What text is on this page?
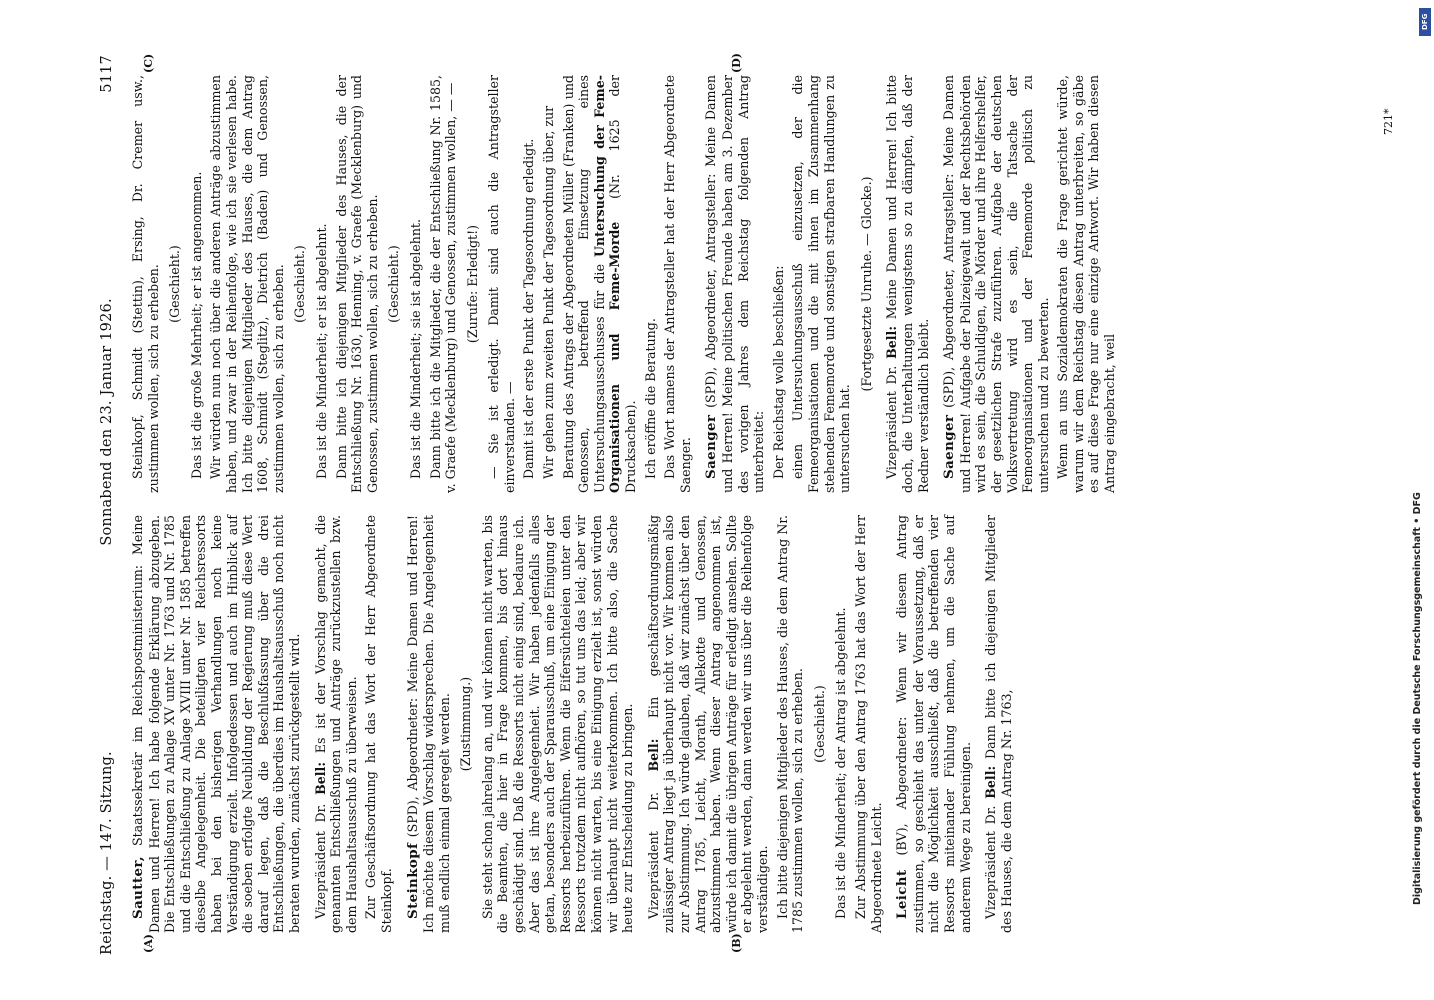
Reichstag. — 147. Sitzung.
Sonnabend den 23. Januar 1926.
5117
(A)	(B)
(C)	(D)

Sautter, Staatssekretär im Reichspostministerium: Meine Damen und Herren! Ich habe folgende Erklärung abzugeben. Die Entschließungen zu Anlage XV unter Nr. 1763 und Nr. 1785 und die Entschließung zu Anlage XVIII unter Nr. 1585 betreffen dieselbe Angelegenheit. Die beteiligten vier Reichsressorts haben bei den bisherigen Verhandlungen noch keine Verständigung erzielt. Infolgedessen und auch im Hinblick auf die soeben erfolgte Neubildung der Regierung muß diese Wert darauf legen, daß die Beschlußfassung über die drei Entschließungen, die überdies im Haushaltsausschuß noch nicht beraten wurden, zunächst zurückgestellt wird. Vizepräsident Dr. Bell: Es ist der Vorschlag gemacht, die genannten Entschließungen und Anträge zurückzustellen bzw. dem Haushaltsausschuß zu überweisen. Zur Geschäftsordnung hat das Wort der Herr Abgeordnete Steinkopf. Steinkopf (SPD), Abgeordneter: Meine Damen und Herren! Ich möchte diesem Vorschlag widersprechen. Die Angelegenheit muß endlich einmal geregelt werden. (Zustimmung.) Sie steht schon jahrelang an, und wir können nicht warten, bis die Beamten, die hier in Frage kommen, bis dort hinaus geschädigt sind. Daß die Ressorts nicht einig sind, bedaure ich. Aber das ist ihre Angelegenheit. Wir haben jedenfalls alles getan, besonders auch der Sparausschuß, um eine Einigung der Ressorts herbeizuführen. Wenn die Eifersüchteleien unter den Ressorts trotzdem nicht aufhören, so tut uns das leid; aber wir können nicht warten, bis eine Einigung erzielt ist, sonst würden wir überhaupt nicht weiterkommen. Ich bitte also, die Sache heute zur Entscheidung zu bringen. Vizepräsident Dr. Bell: Ein geschäftsordnungsmäßig zulässiger Antrag liegt ja überhaupt nicht vor. Wir kommen also zur Abstimmung. Ich würde glauben, daß wir zunächst über den Antrag 1785, Leicht, Morath, Allekotte und Genossen, abzustimmen haben. Wenn dieser Antrag angenommen ist, würde ich damit die übrigen Anträge für erledigt ansehen. Sollte er abgelehnt werden, dann werden wir uns über die Reihenfolge verständigen. Ich bitte diejenigen Mitglieder des Hauses, die dem Antrag Nr. 1785 zustimmen wollen, sich zu erheben. (Geschieht.) Das ist die Minderheit; der Antrag ist abgelehnt. Zur Abstimmung über den Antrag 1763 hat das Wort der Herr Abgeordnete Leicht. Leicht (BV), Abgeordneter: Wenn wir diesem Antrag zustimmen, so geschieht das unter der Voraussetzung, daß er nicht die Möglichkeit ausschließt, daß die betreffenden vier Ressorts miteinander Fühlung nehmen, um die Sache auf anderem Wege zu bereinigen. Vizepräsident Dr. Bell: Dann bitte ich diejenigen Mitglieder des Hauses, die dem Antrag Nr. 1763,

Steinkopf, Schmidt (Stettin), Ersing, Dr. Cremer usw., zustimmen wollen, sich zu erheben. (Geschieht.) Das ist die große Mehrheit; er ist angenommen. Wir würden nun noch über die anderen Anträge abzustimmen haben, und zwar in der Reihenfolge, wie ich sie verlesen habe. Ich bitte diejenigen Mitglieder des Hauses, die dem Antrag 1608, Schmidt (Steglitz), Dietrich (Baden) und Genossen, zustimmen wollen, sich zu erheben. (Geschieht.) Das ist die Minderheit; er ist abgelehnt. Dann bitte ich diejenigen Mitglieder des Hauses, die der Entschließung Nr. 1630, Henning, v. Graefe (Mecklenburg) und Genossen, zustimmen wollen, sich zu erheben. (Geschieht.) Das ist die Minderheit; sie ist abgelehnt. Dann bitte ich die Mitglieder, die der Entschließung Nr. 1585, v. Graefe (Mecklenburg) und Genossen, zustimmen wollen, — — (Zurufe: Erledigt!) — Sie ist erledigt. Damit sind auch die Antragsteller einverstanden. — Damit ist der erste Punkt der Tagesordnung erledigt. Wir gehen zum zweiten Punkt der Tagesordnung über, zur Beratung des Antrags der Abgeordneten Müller (Franken) und Genossen, betreffend Einsetzung eines Untersuchungsausschusses für die Untersuchung der Feme-Organisationen und Feme-Morde (Nr. 1625 der Drucksachen). Ich eröffne die Beratung. Das Wort namens der Antragsteller hat der Herr Abgeordnete Saenger. Saenger (SPD), Abgeordneter, Antragsteller: Meine Damen und Herren! Meine politischen Freunde haben am 3. Dezember des vorigen Jahres dem Reichstag folgenden Antrag unterbreitet: Der Reichstag wolle beschließen: einen Untersuchungsausschuß einzusetzen, der die Femeorganisationen und die mit ihnen im Zusammenhang stehenden Fememorde und sonstigen strafbaren Handlungen zu untersuchen hat.

(Fortgesetzte Unruhe. — Glocke.)

Vizepräsident Dr. Bell: Meine Damen und Herren! Ich bitte doch, die Unterhaltungen wenigstens so zu dämpfen, daß der Redner verständlich bleibt. Saenger (SPD), Abgeordneter, Antragsteller: Meine Damen und Herren! Aufgabe der Polizeigewalt und der Rechtsbehörden wird es sein, die Schuldigen, die Mörder und ihre Helfershelfer, der gesetzlichen Strafe zuzuführen. Aufgabe der deutschen Volksvertretung wird es sein, die Tatsache der Femeorganisationen und der Fememorde politisch zu untersuchen und zu bewerten. Wenn an uns Sozialdemokraten die Frage gerichtet würde, warum wir dem Reichstag diesen Antrag unterbreiten, so gäbe es auf diese Frage nur eine einzige Antwort. Wir haben diesen Antrag eingebracht, weil

721*
DFG
Digitalisierung gefördert durch die Deutsche Forschungsgemeinschaft • DFG
